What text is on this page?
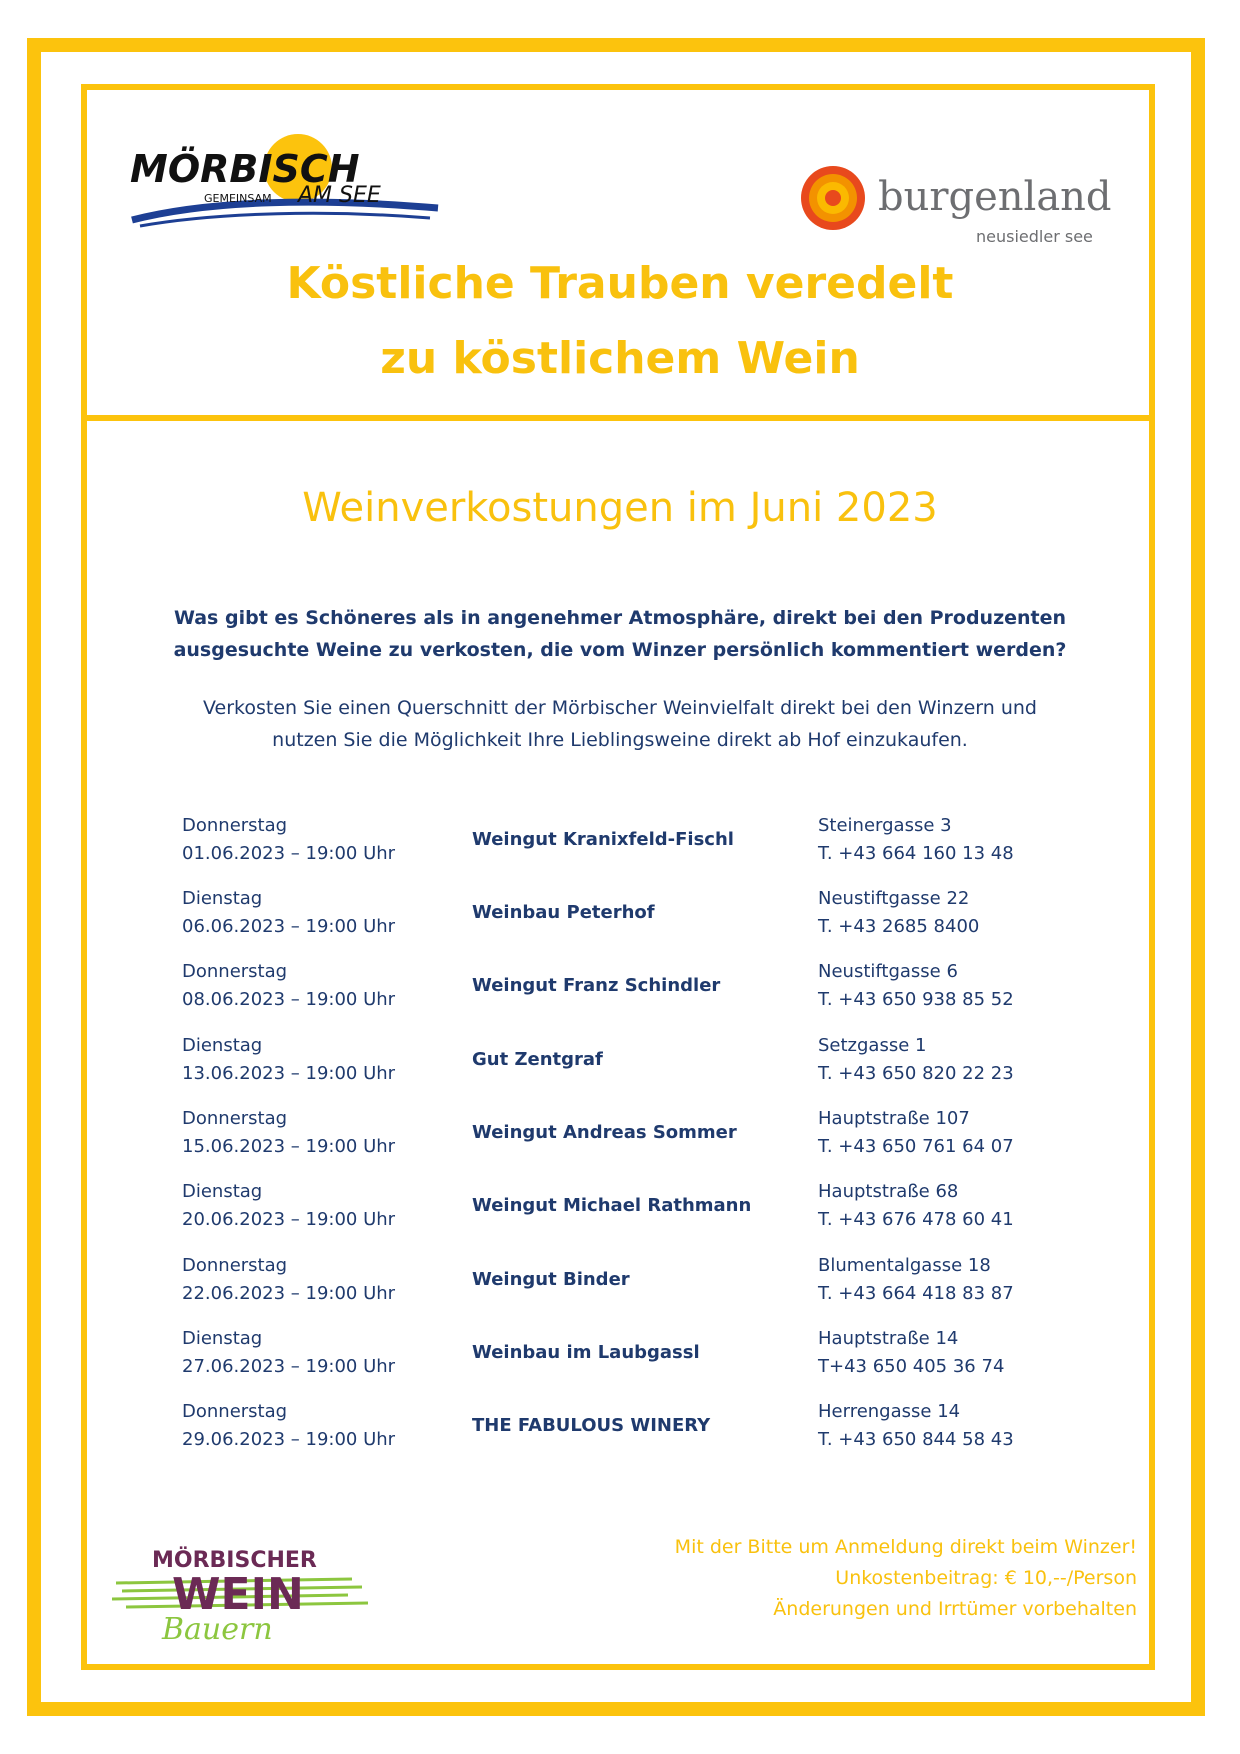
MÖRBISCH
GEMEINSAM AM SEE	burgenland
neusiedler see
Köstliche Trauben veredelt
zu köstlichem Wein
Weinverkostungen im Juni 2023
Was gibt es Schöneres als in angenehmer Atmosphäre, direkt bei den Produzenten
ausgesuchte Weine zu verkosten, die vom Winzer persönlich kommentiert werden?
Verkosten Sie einen Querschnitt der Mörbischer Weinvielfalt direkt bei den Winzern und
nutzen Sie die Möglichkeit Ihre Lieblingsweine direkt ab Hof einzukaufen.
Donnerstag
01.06.2023 – 19:00 Uhr
Weingut Kranixfeld-Fischl
Steinergasse 3
T. +43 664 160 13 48
Dienstag
06.06.2023 – 19:00 Uhr
Weinbau Peterhof
Neustiftgasse 22
T. +43 2685 8400
Donnerstag
08.06.2023 – 19:00 Uhr
Weingut Franz Schindler
Neustiftgasse 6
T. +43 650 938 85 52
Dienstag
13.06.2023 – 19:00 Uhr
Gut Zentgraf
Setzgasse 1
T. +43 650 820 22 23
Donnerstag
15.06.2023 – 19:00 Uhr
Weingut Andreas Sommer
Hauptstraße 107
T. +43 650 761 64 07
Dienstag
20.06.2023 – 19:00 Uhr
Weingut Michael Rathmann
Hauptstraße 68
T. +43 676 478 60 41
Donnerstag
22.06.2023 – 19:00 Uhr
Weingut Binder
Blumentalgasse 18
T. +43 664 418 83 87
Dienstag
27.06.2023 – 19:00 Uhr
Weinbau im Laubgassl
Hauptstraße 14
T+43 650 405 36 74
Donnerstag
29.06.2023 – 19:00 Uhr
THE FABULOUS WINERY
Herrengasse 14
T. +43 650 844 58 43
MÖRBISCHER
WEIN
Bauern
Mit der Bitte um Anmeldung direkt beim Winzer!
Unkostenbeitrag: € 10,--/Person
Änderungen und Irrtümer vorbehalten
